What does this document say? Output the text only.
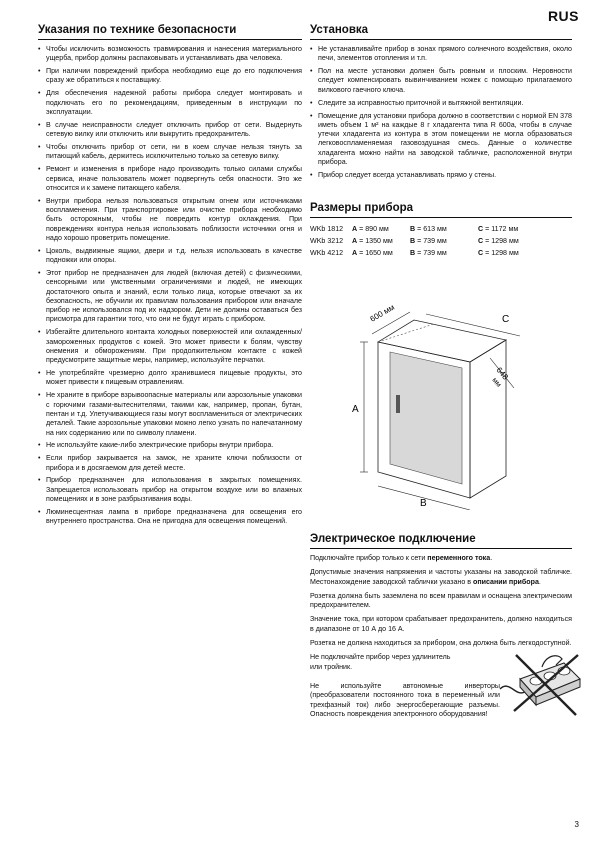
RUS
Указания по технике безопасности
• Чтобы исключить возможность травмирования и нанесения материального ущерба, прибор должны распаковывать и устанавливать два человека.
• При наличии повреждений прибора необходимо еще до его подключения сразу же обратиться к поставщику.
• Для обеспечения надежной работы прибора следует монтировать и подключать его по рекомендациям, приведенным в инструкции по эксплуатации.
• В случае неисправности следует отключить прибор от сети. Выдернуть сетевую вилку или отключить или выкрутить предохранитель.
• Чтобы отключить прибор от сети, ни в коем случае нельзя тянуть за питающий кабель, держитесь исключительно только за сетевую вилку.
• Ремонт и изменения в приборе надо производить только силами службы сервиса, иначе пользователь может подвергнуть себя опасности. Это же относится и к замене питающего кабеля.
• Внутри прибора нельзя пользоваться открытым огнем или источниками воспламенения. При транспортировке или очистке прибора необходимо быть осторожным, чтобы не повредить контур охлаждения. При повреждениях контура нельзя использовать поблизости источники огня и надо хорошо проветрить помещение.
• Цоколь, выдвижные ящики, двери и т.д. нельзя использовать в качестве подножки или опоры.
• Этот прибор не предназначен для людей (включая детей) с физическими, сенсорными или умственными ограничениями и людей, не имеющих достаточного опыта и знаний, если только лица, которые отвечают за их безопасность, не обучили их правилам пользования прибором или вначале прибор не использовался под их надзором. Дети не должны оставаться без присмотра для гарантии того, что они не будут играть с прибором.
• Избегайте длительного контакта холодных поверхностей или охлажденных/замороженных продуктов с кожей. Это может привести к болям, чувству онемения и обморожениям. При продолжительном контакте с кожей предусмотрите защитные меры, например, используйте перчатки.
• Не употребляйте чрезмерно долго хранившиеся пищевые продукты, это может привести к пищевым отравлениям.
• Не храните в приборе взрывоопасные материалы или аэрозольные упаковки с горючими газами-вытеснителями, такими как, например, пропан, бутан, пентан и т.д. Улетучивающиеся газы могут воспламениться от электрических деталей. Такие аэрозольные упаковки можно легко узнать по напечатанному на них содержанию или по символу пламени.
• Не используйте какие-либо электрические приборы внутри прибора.
• Если прибор закрывается на замок, не храните ключи поблизости от прибора и в досягаемом для детей месте.
• Прибор предназначен для использования в закрытых помещениях. Запрещается использовать прибор на открытом воздухе или во влажных помещениях и в зоне разбрызгивания воды.
• Люминесцентная лампа в приборе предназначена для освещения его внутреннего пространства. Она не пригодна для освещения помещений.
Установка
• Не устанавливайте прибор в зонах прямого солнечного воздействия, около печи, элементов отопления и т.п.
• Пол на месте установки должен быть ровным и плоским. Неровности следует компенсировать вывинчиванием ножек с помощью прилагаемого вилкового гаечного ключа.
• Следите за исправностью приточной и вытяжной вентиляции.
• Помещение для установки прибора должно в соответствии с нормой EN 378 иметь объем 1 м² на каждые 8 г хладагента типа R 600a, чтобы в случае утечки хладагента из контура в этом помещении не могла образоваться легковоспламеняемая газовоздушная смесь. Данные о количестве хладагента можно найти на заводской табличке, расположенной внутри прибора.
• Прибор следует всегда устанавливать прямо у стены.
Размеры прибора
WKb 1812	A = 890 мм	B = 613 мм	C = 1172 мм
WKb 3212	A = 1350 мм	B = 739 мм	C = 1298 мм
WKb 4212	A = 1650 мм	B = 739 мм	C = 1298 мм
A
B
C
600 мм
648
мм
Электрическое подключение

Подключайте прибор только к сети переменного тока.

Допустимые значения напряжения и частоты указаны на заводской табличке. Местонахождение заводской таблички указано в описании прибора.

Розетка должна быть заземлена по всем правилам и оснащена электрическим предохранителем.

Значение тока, при котором срабатывает предохранитель, должно находиться в диапазоне от 10 А до 16 А.

Розетка не должна находиться за прибором, она должна быть легкодоступной.

Не подключайте прибор через удлинитель или тройник.

Не используйте автономные инверторы (преобразователи постоянного тока в переменный или трехфазный ток) либо энергосберегающие разъемы. Опасность повреждения электронного оборудования!

3
